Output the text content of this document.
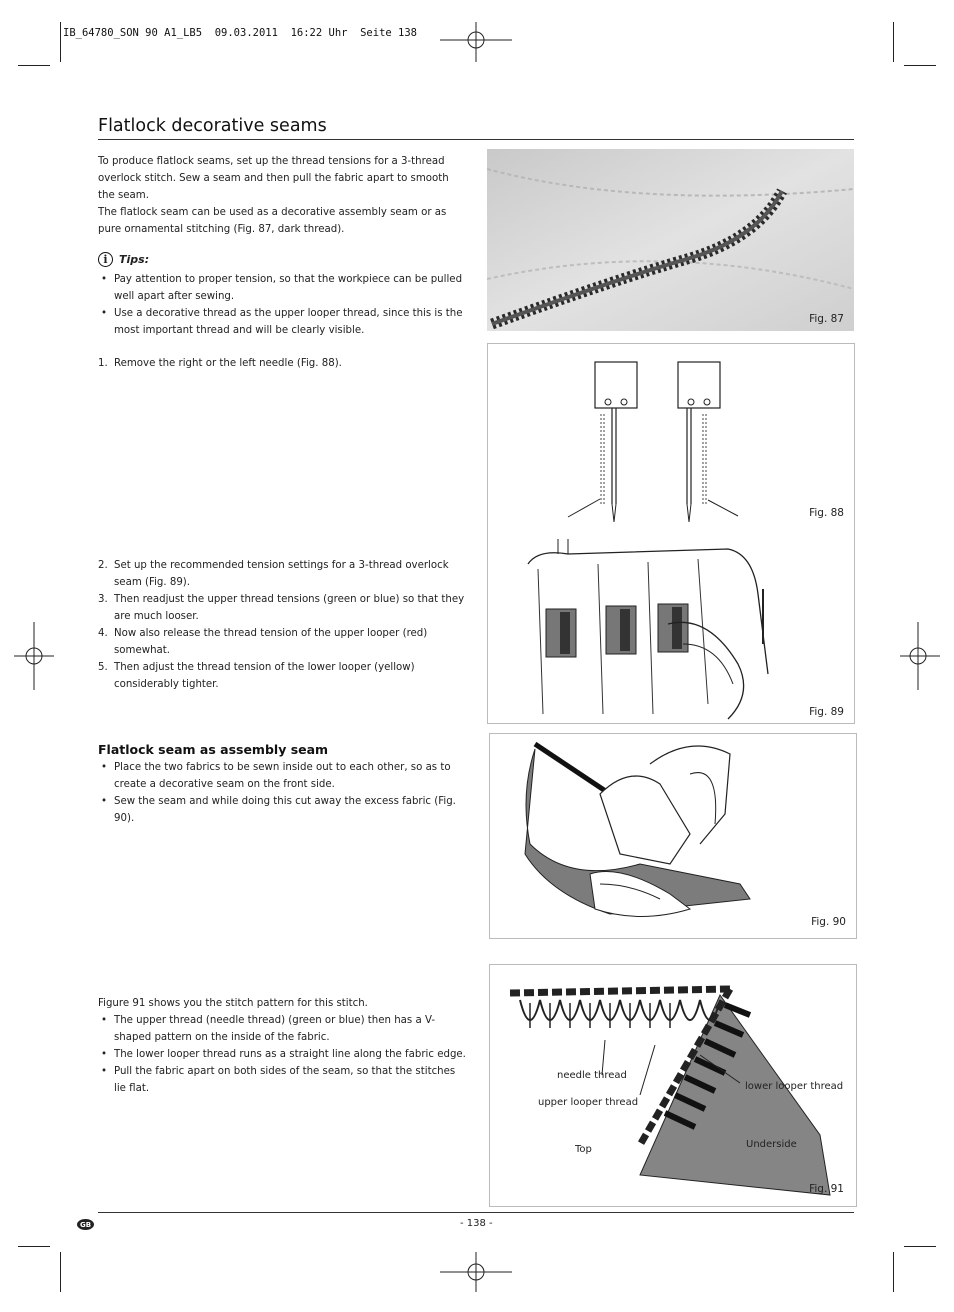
IB_64780_SON 90 A1_LB5  09.03.2011  16:22 Uhr  Seite 138
Flatlock decorative seams
To produce flatlock seams, set up the thread tensions for a 3-thread overlock stitch. Sew a seam and then pull the fabric apart to smooth the seam.
The flatlock seam can be used as a decorative assembly seam or as pure ornamental stitching (Fig. 87, dark thread).
i	Tips:
• Pay attention to proper tension, so that the workpiece can be pulled well apart after sewing.
• Use a decorative thread as the upper looper thread, since this is the most important thread and will be clearly visible.
1. Remove the right or the left needle (Fig. 88).
2. Set up the recommended tension settings for a 3-thread overlock seam (Fig. 89).
3. Then readjust the upper thread tensions (green or blue) so that they are much looser.
4. Now also release the thread tension of the upper looper (red) somewhat.
5. Then adjust the thread tension of the lower looper (yellow) considerably tighter.
Flatlock seam as assembly seam
• Place the two fabrics to be sewn inside out to each other, so as to create a decorative seam on the front side.
• Sew the seam and while doing this cut away the excess fabric (Fig. 90).
Figure 91 shows you the stitch pattern for this stitch.
• The upper thread (needle thread) (green or blue) then has a V-shaped pattern on the inside of the fabric.
• The lower looper thread runs as a straight line along the fabric edge.
• Pull the fabric apart on both sides of the seam, so that the stitches lie flat.
Fig. 87
Fig. 88
Fig. 89
Fig. 90
needle thread
upper looper thread
lower looper thread
Top	Underside
Fig. 91
GB	- 138 -
